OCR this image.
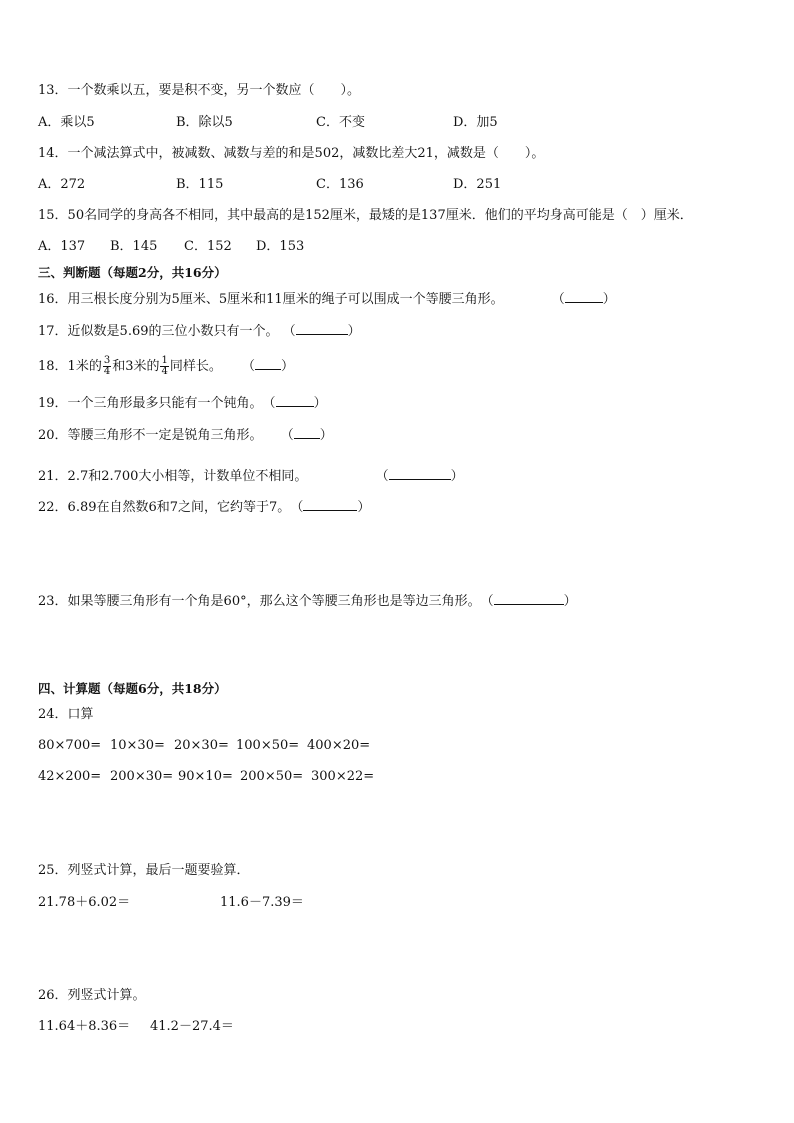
13．一个数乘以五，要是积不变，另一个数应（　　）。
A．乘以5	B．除以5	C．不变	D．加5
14．一个减法算式中，被减数、减数与差的和是502，减数比差大21，减数是（　　）。
A．272	B．115	C．136	D．251
15．50名同学的身高各不相同，其中最高的是152厘米，最矮的是137厘米．他们的平均身高可能是（　）厘米．
A．137 B．145 C．152 D．153
三、判断题（每题2分，共16分）
16．用三根长度分别为5厘米、5厘米和11厘米的绳子可以围成一个等腰三角形。	（	）
17．近似数是5.69的三位小数只有一个。 （	）
18．1米的 $\frac{3}{4}$ 和3米的 $\frac{1}{4}$ 同样长。 （ ）
19．一个三角形最多只能有一个钝角。（	）
20．等腰三角形不一定是锐角三角形。 （ ）
21．2.7和2.700大小相等，计数单位不相同。	（	）
22．6.89在自然数6和7之间，它约等于7。（	）
23．如果等腰三角形有一个角是60°，那么这个等腰三角形也是等边三角形。（	）
四、计算题（每题6分，共18分）
24．口算
80×700= 10×30= 20×30= 100×50= 400×20=
42×200= 200×30= 90×10= 200×50= 300×22=
25．列竖式计算，最后一题要验算．
21.78＋6.02＝	11.6－7.39＝
26．列竖式计算。
11.64＋8.36＝ 41.2－27.4＝
